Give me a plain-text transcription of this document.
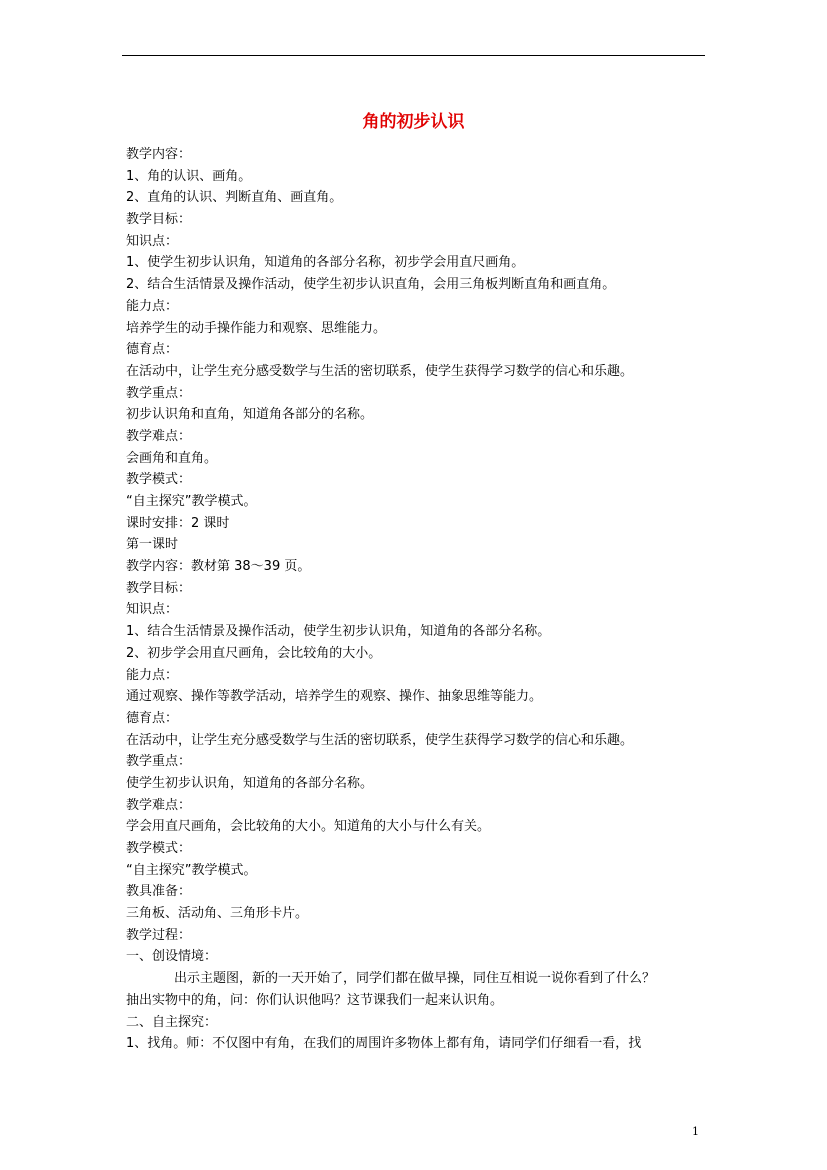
角的初步认识
教学内容：
1、角的认识、画角。
2、直角的认识、判断直角、画直角。
教学目标：
知识点：
1、使学生初步认识角，知道角的各部分名称，初步学会用直尺画角。
2、结合生活情景及操作活动，使学生初步认识直角，会用三角板判断直角和画直角。
能力点：
培养学生的动手操作能力和观察、思维能力。
德育点：
在活动中，让学生充分感受数学与生活的密切联系，使学生获得学习数学的信心和乐趣。
教学重点：
初步认识角和直角，知道角各部分的名称。
教学难点：
会画角和直角。
教学模式：
“自主探究”教学模式。
课时安排：2 课时
第一课时
教学内容：教材第 38～39 页。
教学目标：
知识点：
1、结合生活情景及操作活动，使学生初步认识角，知道角的各部分名称。
2、初步学会用直尺画角，会比较角的大小。
能力点：
通过观察、操作等教学活动，培养学生的观察、操作、抽象思维等能力。
德育点：
在活动中，让学生充分感受数学与生活的密切联系，使学生获得学习数学的信心和乐趣。
教学重点：
使学生初步认识角，知道角的各部分名称。
教学难点：
学会用直尺画角，会比较角的大小。知道角的大小与什么有关。
教学模式：
“自主探究”教学模式。
教具准备：
三角板、活动角、三角形卡片。
教学过程：
一、创设情境：
出示主题图，新的一天开始了，同学们都在做早操，同住互相说一说你看到了什么？
抽出实物中的角，问：你们认识他吗？这节课我们一起来认识角。
二、自主探究：
1、找角。师：不仅图中有角，在我们的周围许多物体上都有角，请同学们仔细看一看，找
1
